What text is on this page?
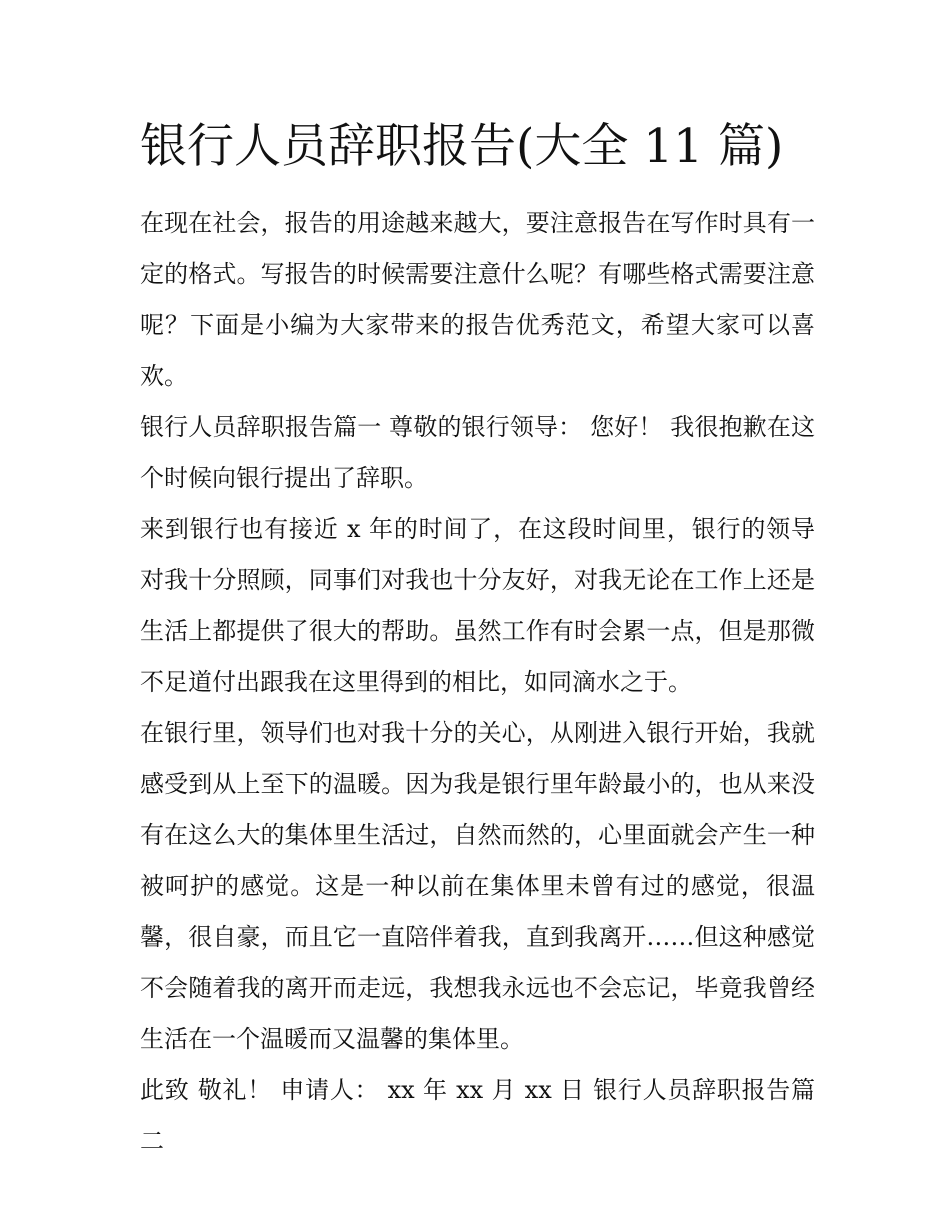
银行人员辞职报告(大全 11 篇)

在现在社会，报告的用途越来越大，要注意报告在写作时具有一定的格式。写报告的时候需要注意什么呢？有哪些格式需要注意呢？下面是小编为大家带来的报告优秀范文，希望大家可以喜欢。

银行人员辞职报告篇一 尊敬的银行领导： 您好！ 我很抱歉在这个时候向银行提出了辞职。

来到银行也有接近 x 年的时间了，在这段时间里，银行的领导对我十分照顾，同事们对我也十分友好，对我无论在工作上还是生活上都提供了很大的帮助。虽然工作有时会累一点，但是那微不足道付出跟我在这里得到的相比，如同滴水之于。

在银行里，领导们也对我十分的关心，从刚进入银行开始，我就感受到从上至下的温暖。因为我是银行里年龄最小的，也从来没有在这么大的集体里生活过，自然而然的，心里面就会产生一种被呵护的感觉。这是一种以前在集体里未曾有过的感觉，很温馨，很自豪，而且它一直陪伴着我，直到我离开……但这种感觉不会随着我的离开而走远，我想我永远也不会忘记，毕竟我曾经生活在一个温暖而又温馨的集体里。

此致 敬礼！ 申请人： xx 年 xx 月 xx 日 银行人员辞职报告篇二
